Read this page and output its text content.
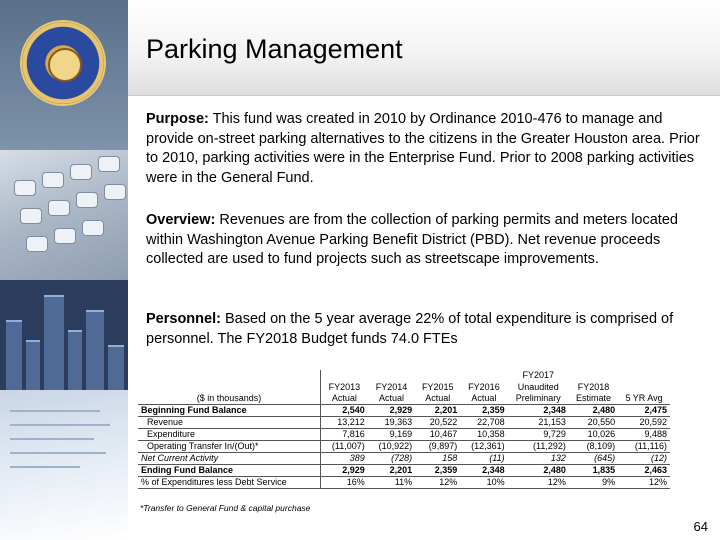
Parking Management
Purpose: This fund was created in 2010 by Ordinance 2010-476 to manage and provide on-street parking alternatives to the citizens in the Greater Houston area. Prior to 2010, parking activities were in the Enterprise Fund. Prior to 2008 parking activities were in the General Fund.
Overview: Revenues are from the collection of parking permits and meters located within Washington Avenue Parking Benefit District (PBD). Net revenue proceeds collected are used to fund projects such as streetscape improvements.
Personnel: Based on the 5 year average 22% of total expenditure is comprised of personnel. The FY2018 Budget funds 74.0 FTEs
					FY2017		
	FY2013	FY2014	FY2015	FY2016	Unaudited	FY2018	
($ in thousands)	Actual	Actual	Actual	Actual	Preliminary	Estimate	5 YR Avg
Beginning Fund Balance	2,540	2,929	2,201	2,359	2,348	2,480	2,475
Revenue	13,212	19,363	20,522	22,708	21,153	20,550	20,592
Expenditure	7,816	9,169	10,467	10,358	9,729	10,026	9,488
Operating Transfer In/(Out)*	(11,007)	(10,922)	(9,897)	(12,361)	(11,292)	(8,109)	(11,116)
Net Current Activity	389	(728)	158	(11)	132	(645)	(12)
Ending Fund Balance	2,929	2,201	2,359	2,348	2,480	1,835	2,463
% of Expenditures less Debt Service	16%	11%	12%	10%	12%	9%	12%
*Transfer to General Fund & capital purchase
64
